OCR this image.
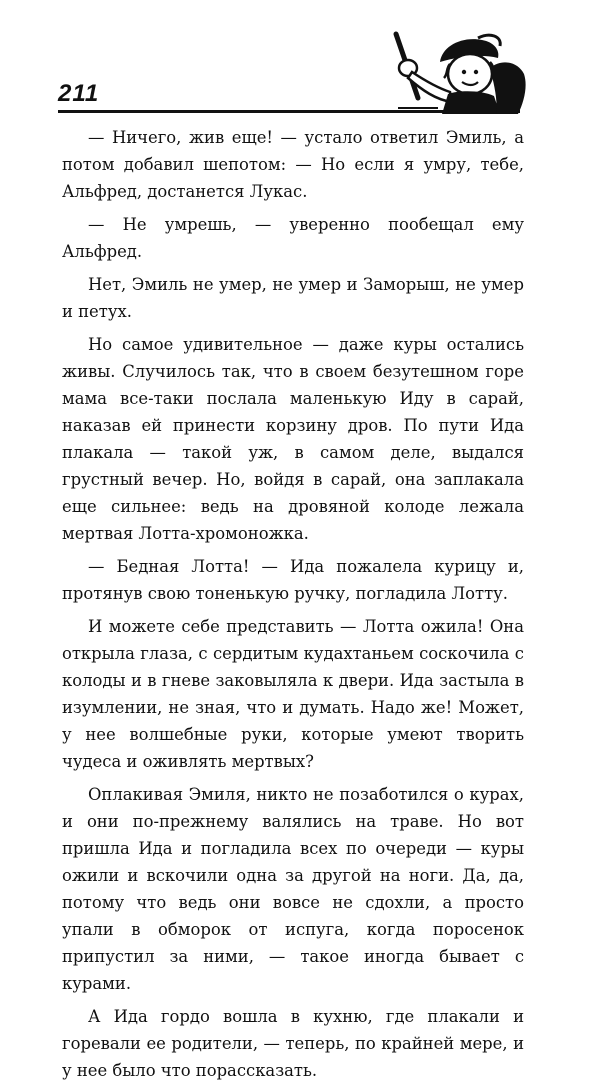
211

— Ничего, жив еще! — устало ответил Эмиль, а потом добавил шепотом: — Но если я умру, тебе, Альфред, достанется Лукас.

— Не умрешь, — уверенно пообещал ему Альфред.

Нет, Эмиль не умер, не умер и Заморыш, не умер и петух.

Но самое удивительное — даже куры остались живы. Случилось так, что в своем безутешном горе мама все-таки послала маленькую Иду в сарай, наказав ей принести корзину дров. По пути Ида плакала — такой уж, в самом деле, выдался грустный вечер. Но, войдя в сарай, она заплакала еще сильнее: ведь на дровяной колоде лежала мертвая Лотта-хромоножка.

— Бедная Лотта! — Ида пожалела курицу и, протянув свою тоненькую ручку, погладила Лотту.

И можете себе представить — Лотта ожила! Она открыла глаза, с сердитым кудахтаньем соскочила с колоды и в гневе заковыляла к двери. Ида застыла в изумлении, не зная, что и думать. Надо же! Может, у нее волшебные руки, которые умеют творить чудеса и оживлять мертвых?

Оплакивая Эмиля, никто не позаботился о курах, и они по-прежнему валялись на траве. Но вот пришла Ида и погладила всех по очереди — куры ожили и вскочили одна за другой на ноги. Да, да, потому что ведь они вовсе не сдохли, а просто упали в обморок от испуга, когда поросенок припустил за ними, — такое иногда бывает с курами.

А Ида гордо вошла в кухню, где плакали и горевали ее родители, — теперь, по крайней мере, и у нее было что порассказать.
